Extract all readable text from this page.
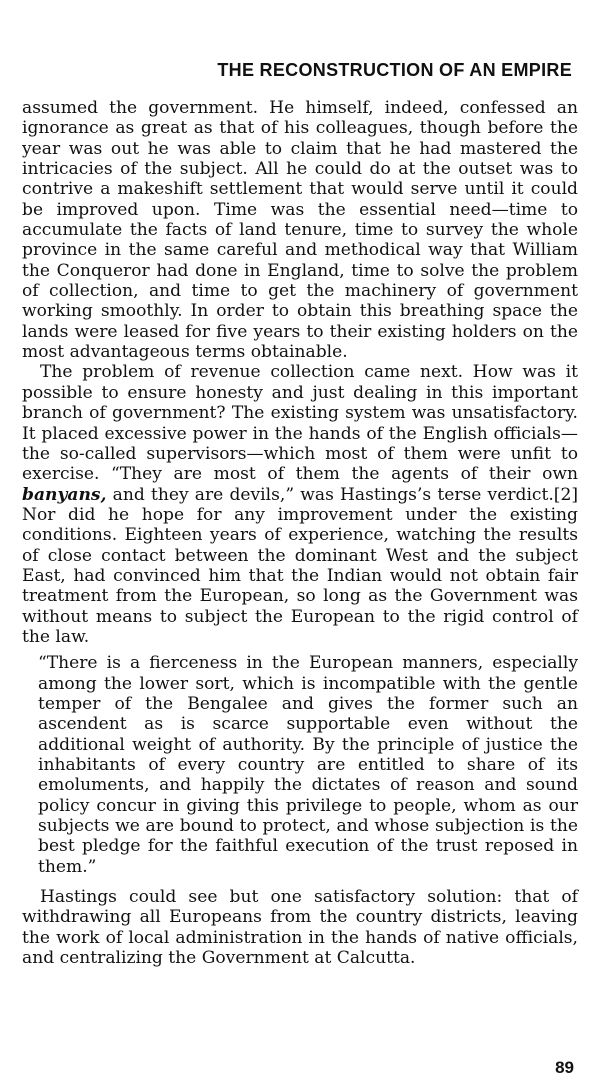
THE RECONSTRUCTION OF AN EMPIRE

assumed the government. He himself, indeed, confessed an ignorance as great as that of his colleagues, though before the year was out he was able to claim that he had mastered the intricacies of the subject. All he could do at the outset was to contrive a makeshift settlement that would serve until it could be improved upon. Time was the essential need—time to accumulate the facts of land tenure, time to survey the whole province in the same careful and methodical way that William the Conqueror had done in England, time to solve the problem of collection, and time to get the machinery of government working smoothly. In order to obtain this breathing space the lands were leased for five years to their existing holders on the most advantageous terms obtainable.

The problem of revenue collection came next. How was it possible to ensure honesty and just dealing in this important branch of government? The existing system was unsatisfactory. It placed excessive power in the hands of the English officials—the so-called supervisors—which most of them were unfit to exercise. “They are most of them the agents of their own banyans, and they are devils,” was Hastings’s terse verdict.[2] Nor did he hope for any improvement under the existing conditions. Eighteen years of experience, watching the results of close contact between the dominant West and the subject East, had convinced him that the Indian would not obtain fair treatment from the European, so long as the Government was without means to subject the European to the rigid control of the law.

“There is a fierceness in the European manners, especially among the lower sort, which is incompatible with the gentle temper of the Bengalee and gives the former such an ascendent as is scarce supportable even without the additional weight of authority. By the principle of justice the inhabitants of every country are entitled to share of its emoluments, and happily the dictates of reason and sound policy concur in giving this privilege to people, whom as our subjects we are bound to protect, and whose subjection is the best pledge for the faithful execution of the trust reposed in them.”

Hastings could see but one satisfactory solution: that of withdrawing all Europeans from the country districts, leaving the work of local administration in the hands of native officials, and centralizing the Government at Calcutta.

89
